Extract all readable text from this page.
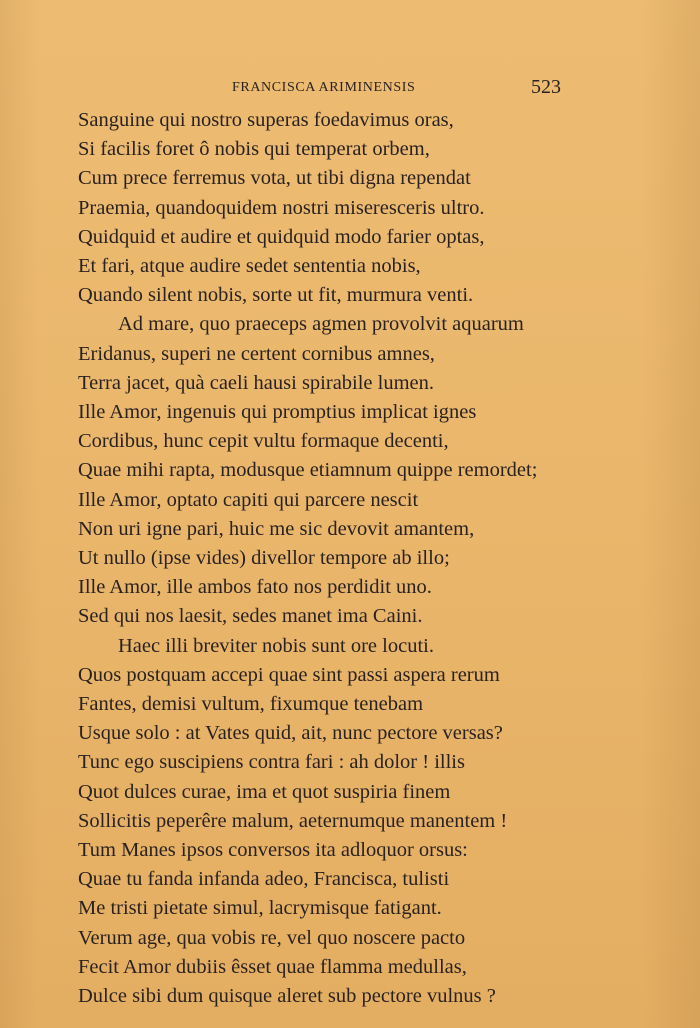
FRANCISCA ARIMINENSIS	523
Sanguine qui nostro superas foedavimus oras,
Si facilis foret ô nobis qui temperat orbem,
Cum prece ferremus vota, ut tibi digna rependat
Praemia, quandoquidem nostri miseresceris ultro.
Quidquid et audire et quidquid modo farier optas,
Et fari, atque audire sedet sententia nobis,
Quando silent nobis, sorte ut fit, murmura venti.
Ad mare, quo praeceps agmen provolvit aquarum
Eridanus, superi ne certent cornibus amnes,
Terra jacet, quà caeli hausi spirabile lumen.
Ille Amor, ingenuis qui promptius implicat ignes
Cordibus, hunc cepit vultu formaque decenti,
Quae mihi rapta, modusque etiamnum quippe remordet;
Ille Amor, optato capiti qui parcere nescit
Non uri igne pari, huic me sic devovit amantem,
Ut nullo (ipse vides) divellor tempore ab illo;
Ille Amor, ille ambos fato nos perdidit uno.
Sed qui nos laesit, sedes manet ima Caini.
Haec illi breviter nobis sunt ore locuti.
Quos postquam accepi quae sint passi aspera rerum
Fantes, demisi vultum, fixumque tenebam
Usque solo : at Vates quid, ait, nunc pectore versas?
Tunc ego suscipiens contra fari : ah dolor ! illis
Quot dulces curae, ima et quot suspiria finem
Sollicitis peperêre malum, aeternumque manentem !
Tum Manes ipsos conversos ita adloquor orsus:
Quae tu fanda infanda adeo, Francisca, tulisti
Me tristi pietate simul, lacrymisque fatigant.
Verum age, qua vobis re, vel quo noscere pacto
Fecit Amor dubiis êsset quae flamma medullas,
Dulce sibi dum quisque aleret sub pectore vulnus ?
